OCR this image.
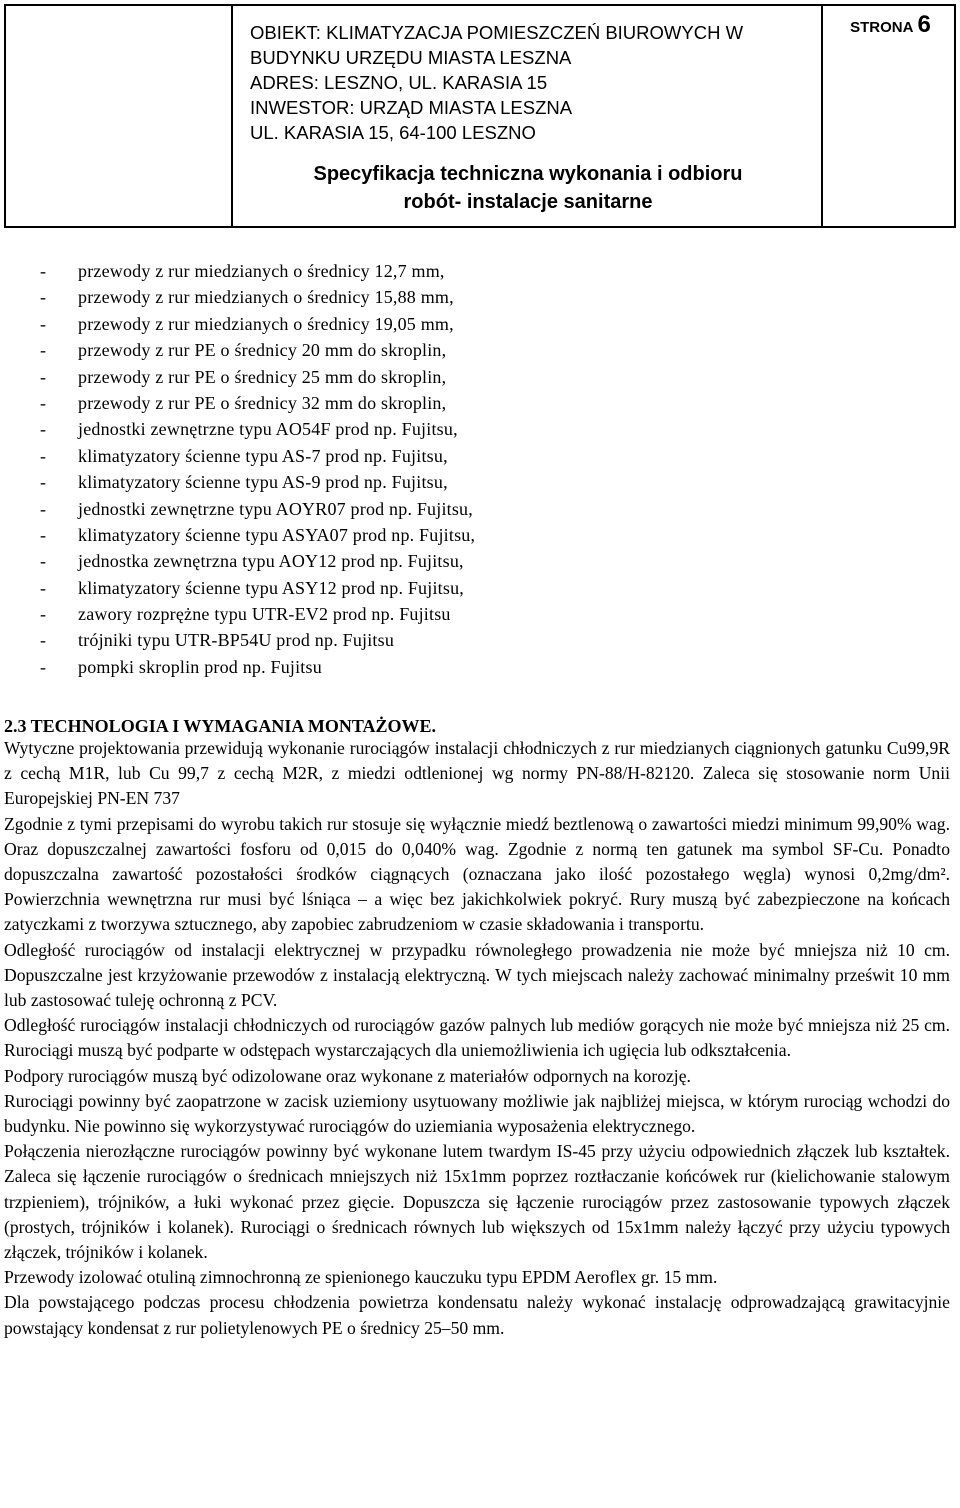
OBIEKT: KLIMATYZACJA POMIESZCZEŃ BIUROWYCH W
BUDYNKU URZĘDU MIASTA LESZNA
ADRES: LESZNO, UL. KARASIA 15
INWESTOR: URZĄD MIASTA LESZNA
UL. KARASIA 15, 64-100 LESZNO
Specyfikacja techniczna wykonania i odbioru
robót- instalacje sanitarne
STRONA 6
- przewody z rur miedzianych o średnicy 12,7 mm,
- przewody z rur miedzianych o średnicy 15,88 mm,
- przewody z rur miedzianych o średnicy 19,05 mm,
- przewody z rur PE o średnicy 20 mm do skroplin,
- przewody z rur PE o średnicy 25 mm do skroplin,
- przewody z rur PE o średnicy 32 mm do skroplin,
- jednostki zewnętrzne typu AO54F prod np. Fujitsu,
- klimatyzatory ścienne typu AS-7 prod np. Fujitsu,
- klimatyzatory ścienne typu AS-9 prod np. Fujitsu,
- jednostki zewnętrzne typu AOYR07 prod np. Fujitsu,
- klimatyzatory ścienne typu ASYA07 prod np. Fujitsu,
- jednostka zewnętrzna typu AOY12 prod np. Fujitsu,
- klimatyzatory ścienne typu ASY12 prod np. Fujitsu,
- zawory rozprężne typu UTR-EV2 prod np. Fujitsu
- trójniki typu UTR-BP54U prod np. Fujitsu
- pompki skroplin prod np. Fujitsu
2.3 TECHNOLOGIA I WYMAGANIA MONTAŻOWE.

Wytyczne projektowania przewidują wykonanie rurociągów instalacji chłodniczych z rur miedzianych ciągnionych gatunku Cu99,9R z cechą M1R, lub Cu 99,7 z cechą M2R, z miedzi odtlenionej wg normy PN-88/H-82120. Zaleca się stosowanie norm Unii Europejskiej PN-EN 737

Zgodnie z tymi przepisami do wyrobu takich rur stosuje się wyłącznie miedź beztlenową o zawartości miedzi minimum 99,90% wag. Oraz dopuszczalnej zawartości fosforu od 0,015 do 0,040% wag. Zgodnie z normą ten gatunek ma symbol SF-Cu. Ponadto dopuszczalna zawartość pozostałości środków ciągnących (oznaczana jako ilość pozostałego węgla) wynosi 0,2mg/dm². Powierzchnia wewnętrzna rur musi być lśniąca – a więc bez jakichkolwiek pokryć. Rury muszą być zabezpieczone na końcach zatyczkami z tworzywa sztucznego, aby zapobiec zabrudzeniom w czasie składowania i transportu.

Odległość rurociągów od instalacji elektrycznej w przypadku równoległego prowadzenia nie może być mniejsza niż 10 cm. Dopuszczalne jest krzyżowanie przewodów z instalacją elektryczną. W tych miejscach należy zachować minimalny prześwit 10 mm lub zastosować tuleję ochronną z PCV.

Odległość rurociągów instalacji chłodniczych od rurociągów gazów palnych lub mediów gorących nie może być mniejsza niż 25 cm. Rurociągi muszą być podparte w odstępach wystarczających dla uniemożliwienia ich ugięcia lub odkształcenia.

Podpory rurociągów muszą być odizolowane oraz wykonane z materiałów odpornych na korozję.

Rurociągi powinny być zaopatrzone w zacisk uziemiony usytuowany możliwie jak najbliżej miejsca, w którym rurociąg wchodzi do budynku. Nie powinno się wykorzystywać rurociągów do uziemiania wyposażenia elektrycznego.

Połączenia nierozłączne rurociągów powinny być wykonane lutem twardym IS-45 przy użyciu odpowiednich złączek lub kształtek. Zaleca się łączenie rurociągów o średnicach mniejszych niż 15x1mm poprzez roztłaczanie końcówek rur (kielichowanie stalowym trzpieniem), trójników, a łuki wykonać przez gięcie. Dopuszcza się łączenie rurociągów przez zastosowanie typowych złączek (prostych, trójników i kolanek). Rurociągi o średnicach równych lub większych od 15x1mm należy łączyć przy użyciu typowych złączek, trójników i kolanek.

Przewody izolować otuliną zimnochronną ze spienionego kauczuku typu EPDM Aeroflex gr. 15 mm.

Dla powstającego podczas procesu chłodzenia powietrza kondensatu należy wykonać instalację odprowadzającą grawitacyjnie powstający kondensat z rur polietylenowych PE o średnicy 25–50 mm.
